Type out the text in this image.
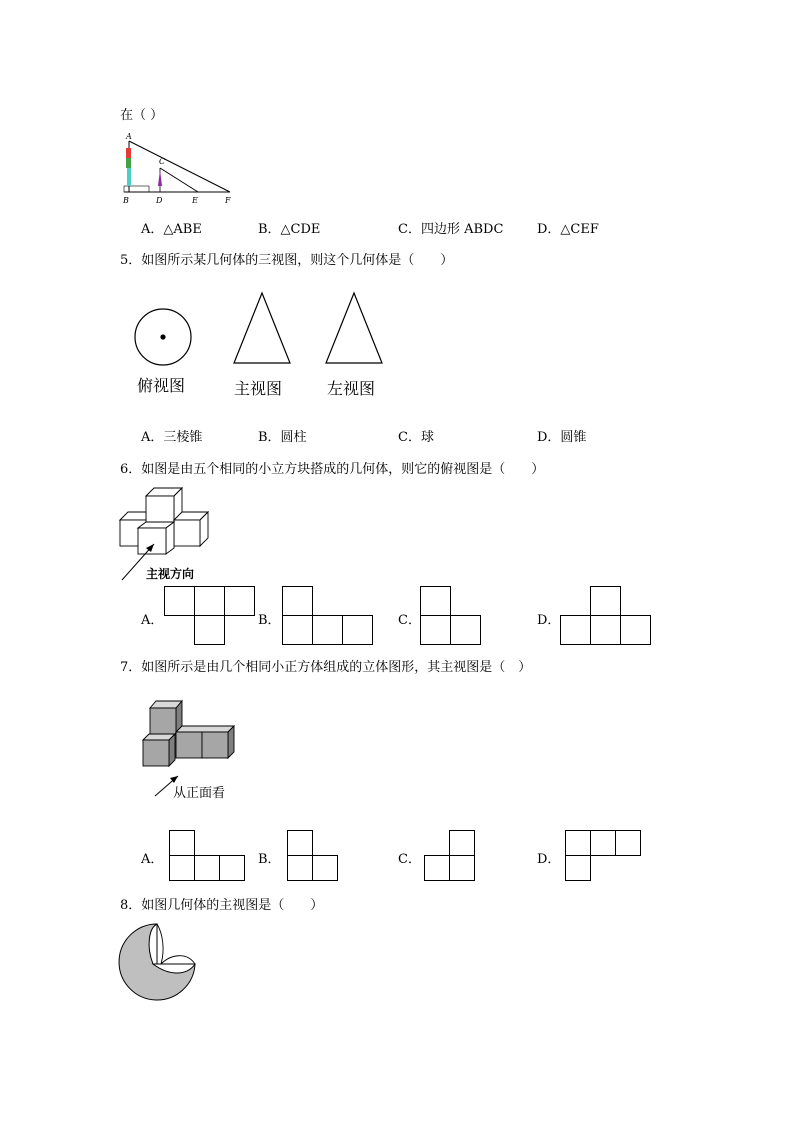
在（ ）
A
C
B	D	E	F
A．△ABE	B．△CDE	C．四边形 ABDC	D．△CEF
5．如图所示某几何体的三视图，则这个几何体是（　　）
俯视图	主视图	左视图
A．三棱锥	B．圆柱	C．球	D．圆锥
6．如图是由五个相同的小立方块搭成的几何体，则它的俯视图是（　　）
主视方向
A．	B．	C．	D．
7．如图所示是由几个相同小正方体组成的立体图形，其主视图是（　）
从正面看
A．	B．	C．	D．
8．如图几何体的主视图是（　　）
